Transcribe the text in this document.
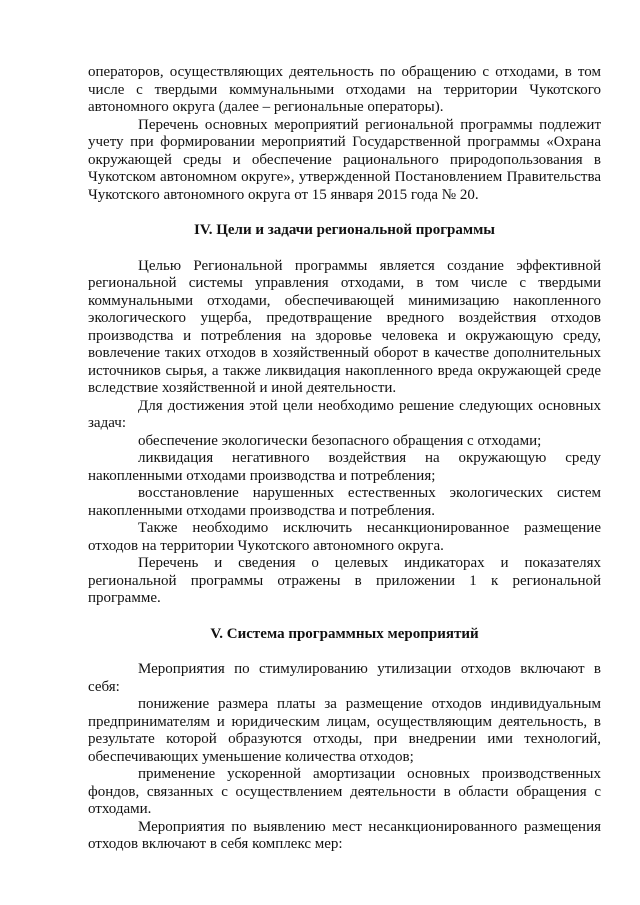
операторов, осуществляющих деятельность по обращению с отходами, в том числе с твердыми коммунальными отходами на территории Чукотского автономного округа (далее – региональные операторы).

Перечень основных мероприятий региональной программы подлежит учету при формировании мероприятий Государственной программы «Охрана окружающей среды и обеспечение рационального природопользования в Чукотском автономном округе», утвержденной Постановлением Правительства Чукотского автономного округа от 15 января 2015 года № 20.

IV. Цели и задачи региональной программы

Целью Региональной программы является создание эффективной региональной системы управления отходами, в том числе с твердыми коммунальными отходами, обеспечивающей минимизацию накопленного экологического ущерба, предотвращение вредного воздействия отходов производства и потребления на здоровье человека и окружающую среду, вовлечение таких отходов в хозяйственный оборот в качестве дополнительных источников сырья, а также ликвидация накопленного вреда окружающей среде вследствие хозяйственной и иной деятельности.

Для достижения этой цели необходимо решение следующих основных задач:

обеспечение экологически безопасного обращения с отходами;

ликвидация негативного воздействия на окружающую среду накопленными отходами производства и потребления;

восстановление нарушенных естественных экологических систем накопленными отходами производства и потребления.

Также необходимо исключить несанкционированное размещение отходов на территории Чукотского автономного округа.

Перечень и сведения о целевых индикаторах и показателях региональной программы отражены в приложении 1 к региональной программе.

V. Система программных мероприятий

Мероприятия по стимулированию утилизации отходов включают в себя:

понижение размера платы за размещение отходов индивидуальным предпринимателям и юридическим лицам, осуществляющим деятельность, в результате которой образуются отходы, при внедрении ими технологий, обеспечивающих уменьшение количества отходов;

применение ускоренной амортизации основных производственных фондов, связанных с осуществлением деятельности в области обращения с отходами.

Мероприятия по выявлению мест несанкционированного размещения отходов включают в себя комплекс мер:
